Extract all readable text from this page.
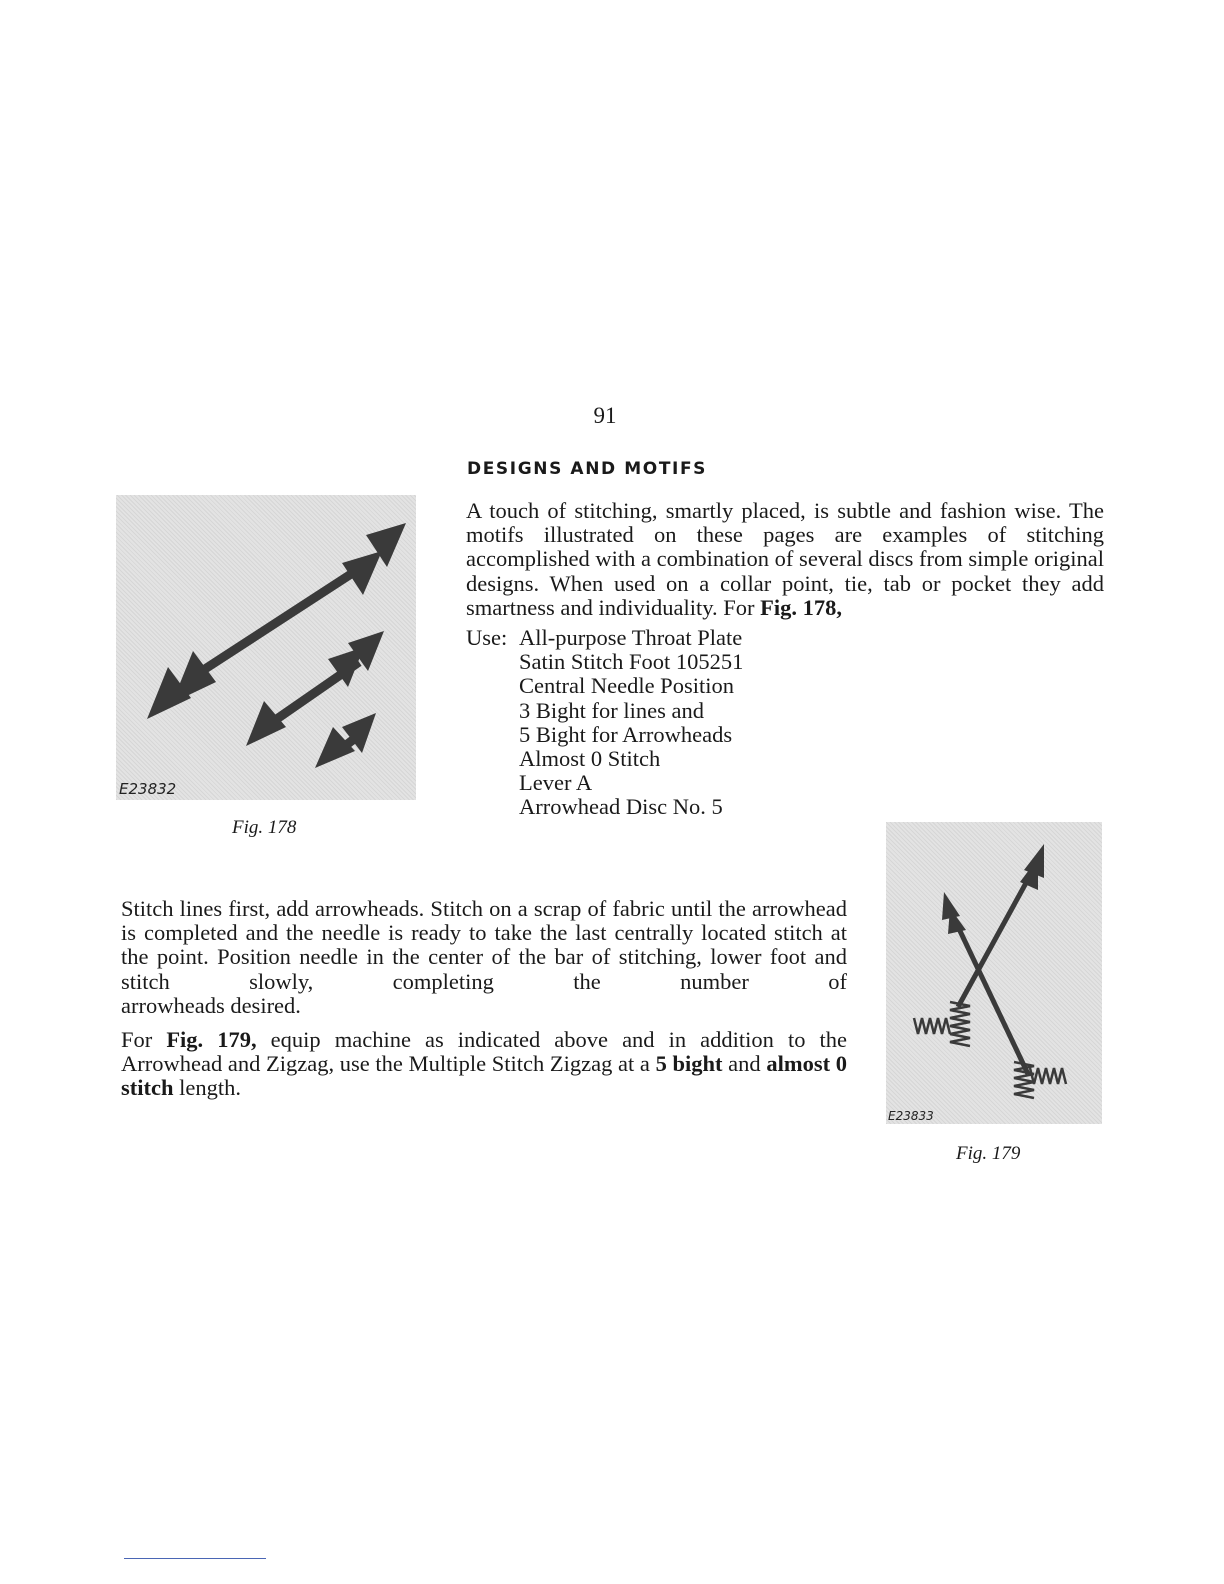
91
DESIGNS AND MOTIFS

A touch of stitching, smartly placed, is subtle and fashion wise. The motifs illustrated on these pages are examples of stitching accomplished with a combination of several discs from simple original designs. When used on a collar point, tie, tab or pocket they add smartness and individuality. For Fig. 178,

Use: All-purpose Throat Plate
Satin Stitch Foot 105251
Central Needle Position
3 Bight for lines and
5 Bight for Arrowheads
Almost 0 Stitch
Lever A
Arrowhead Disc No. 5
E23832
Fig. 178

Stitch lines first, add arrowheads. Stitch on a scrap of fabric until the arrowhead is completed and the needle is ready to take the last centrally located stitch at the point. Position needle in the center of the bar of stitching, lower foot and stitch slowly, completing the number of

arrowheads desired.

For Fig. 179, equip machine as indicated above and in addition to the Arrowhead and Zigzag, use the Multiple Stitch Zigzag at a 5 bight and almost 0 stitch length.

E23833
Fig. 179
